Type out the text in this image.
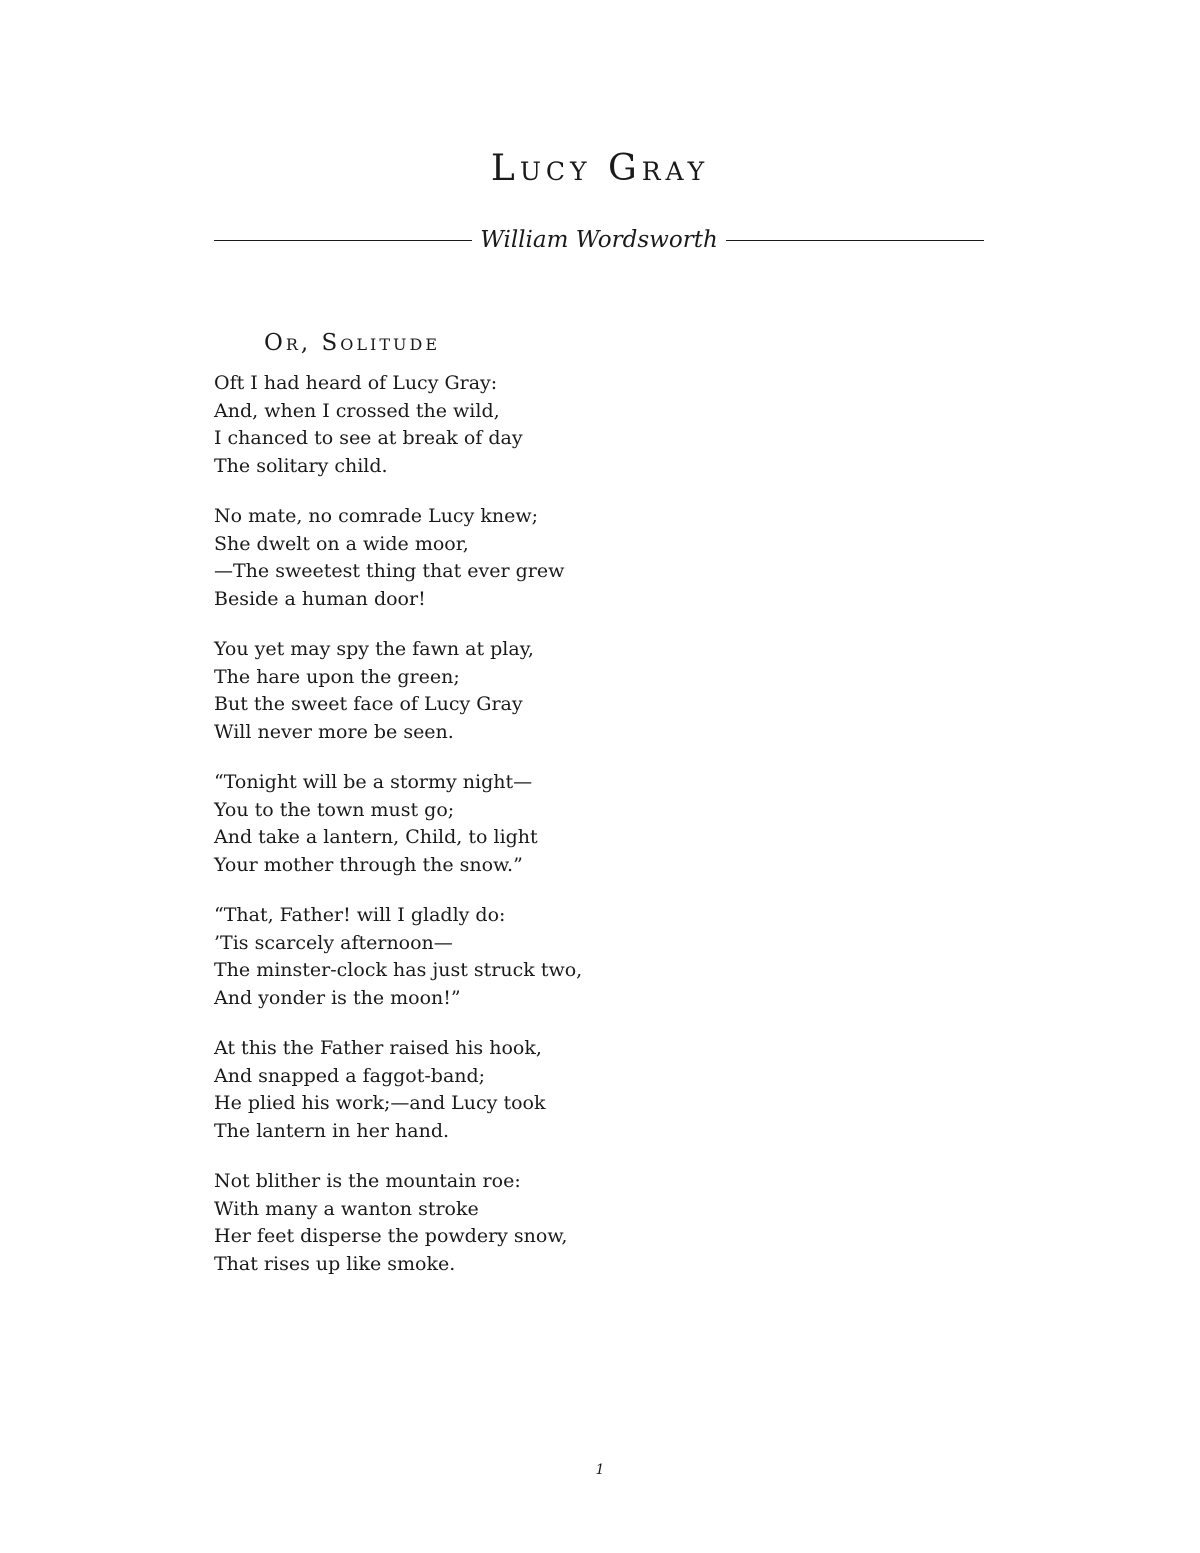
Lucy Gray
William Wordsworth
Or, Solitude
Oft I had heard of Lucy Gray:
And, when I crossed the wild,
I chanced to see at break of day
The solitary child.
No mate, no comrade Lucy knew;
She dwelt on a wide moor,
—The sweetest thing that ever grew
Beside a human door!
You yet may spy the fawn at play,
The hare upon the green;
But the sweet face of Lucy Gray
Will never more be seen.
“Tonight will be a stormy night—
You to the town must go;
And take a lantern, Child, to light
Your mother through the snow.”
“That, Father! will I gladly do:
’Tis scarcely afternoon—
The minster-clock has just struck two,
And yonder is the moon!”
At this the Father raised his hook,
And snapped a faggot-band;
He plied his work;—and Lucy took
The lantern in her hand.
Not blither is the mountain roe:
With many a wanton stroke
Her feet disperse the powdery snow,
That rises up like smoke.
1
